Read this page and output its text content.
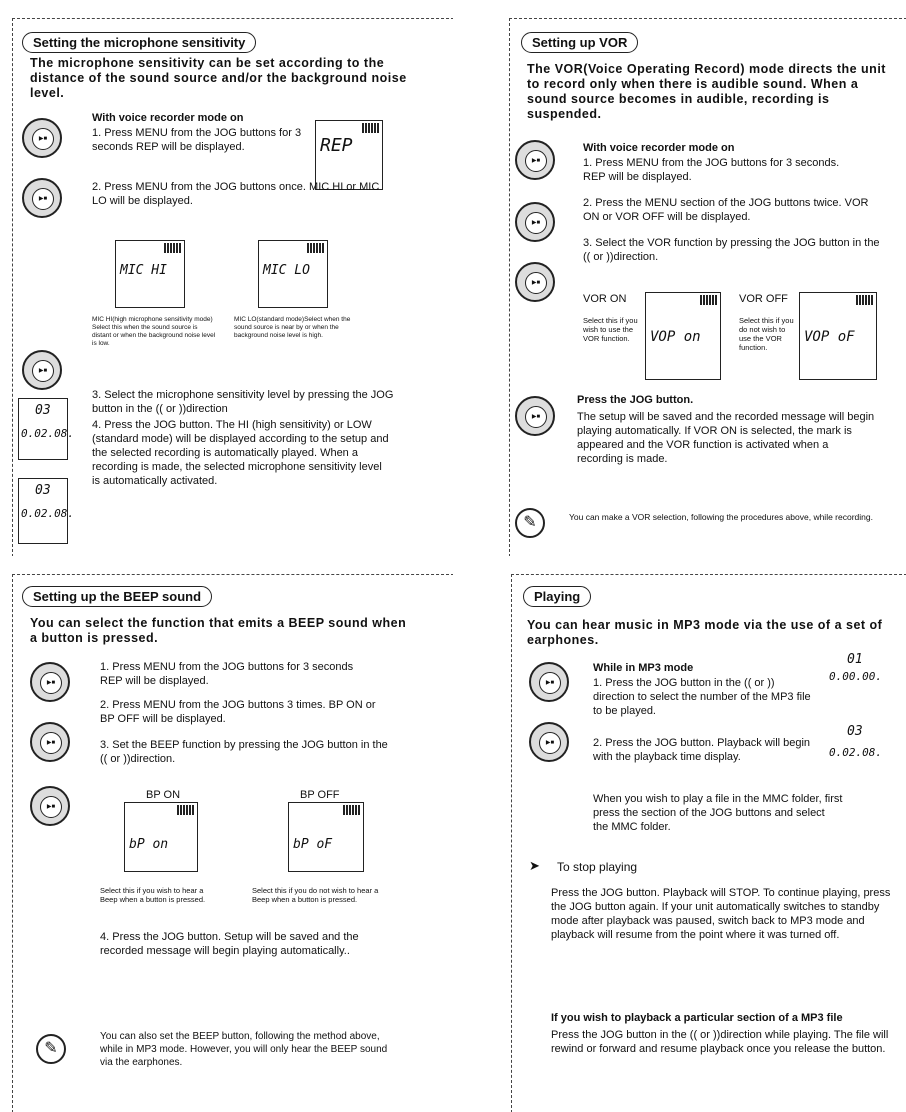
Setting the microphone sensitivity
The microphone sensitivity can be set according to the distance of the sound source and/or the background noise level.
▶■
▶■
With voice recorder mode on
1. Press MENU from the JOG buttons for 3 seconds REP will be displayed.	REP
2. Press MENU from the JOG buttons once. MIC HI or MIC LO will be displayed.
MIC HI	MIC LO
MIC HI(high microphone sensitivity mode) Select this when the sound source is distant or when the background noise level is low.
MIC LO(standard mode)Select when the sound source is near by or when the background noise level is high.
▶■
3. Select the microphone sensitivity level by pressing the JOG button in the (( or ))direction
03
0.02.08.
03
0.02.08.
4. Press the JOG button. The HI (high sensitivity) or LOW (standard mode) will be displayed according to the setup and the selected recording is automatically played. When a recording is made, the selected microphone sensitivity level is automatically activated.
Setting up VOR
The VOR(Voice Operating Record) mode directs the unit to record only when there is audible sound. When a sound source becomes in audible, recording is suspended.
▶■
▶■
▶■
With voice recorder mode on
1. Press MENU from the JOG buttons for 3 seconds. REP will be displayed.
2. Press the MENU section of the JOG buttons twice. VOR ON or VOR OFF will be displayed.
3. Select the VOR function by pressing the JOG button in the (( or ))direction.
VOR ON	VOR OFF
Select this if you wish to use the VOR function.	VOP on
Select this if you do not wish to use the VOR function.
VOP oF
▶■
Press the JOG button.
The setup will be saved and the recorded message will begin playing automatically. If VOR ON is selected, the mark is appeared and the VOR function is activated when a recording is made.
✎	You can make a VOR selection, following the procedures above, while recording.
Setting up the BEEP sound
You can select the function that emits a BEEP sound when a button is pressed.
▶■
▶■
▶■
1. Press MENU from the JOG buttons for 3 seconds REP will be displayed.
2. Press MENU from the JOG buttons 3 times. BP ON or BP OFF will be displayed.
3. Set the BEEP function by pressing the JOG button in the (( or ))direction.
BP ON	BP OFF
bP on	bP oF
Select this if you wish to hear a Beep when a button is pressed.
Select this if you do not wish to hear a Beep when a button is pressed.
4. Press the JOG button. Setup will be saved and the recorded message will begin playing automatically..
✎
You can also set the BEEP button, following the method above, while in MP3 mode. However, you will only hear the BEEP sound via the earphones.
Playing
You can hear music in MP3 mode via the use of a set of earphones.
▶■
▶■
While in MP3 mode
1. Press the JOG button in the (( or )) direction to select the number of the MP3 file to be played.
2. Press the JOG button. Playback will begin with the playback time display.
01
0.00.00.
03
0.02.08.
When you wish to play a file in the MMC folder, first press the section of the JOG buttons and select the MMC folder.
➤ To stop playing
Press the JOG button. Playback will STOP. To continue playing, press the JOG button again. If your unit automatically switches to standby mode after playback was paused, switch back to MP3 mode and playback will resume from the point where it was turned off.
If you wish to playback a particular section of a MP3 file
Press the JOG button in the (( or ))direction while playing. The file will rewind or forward and resume playback once you release the button.
